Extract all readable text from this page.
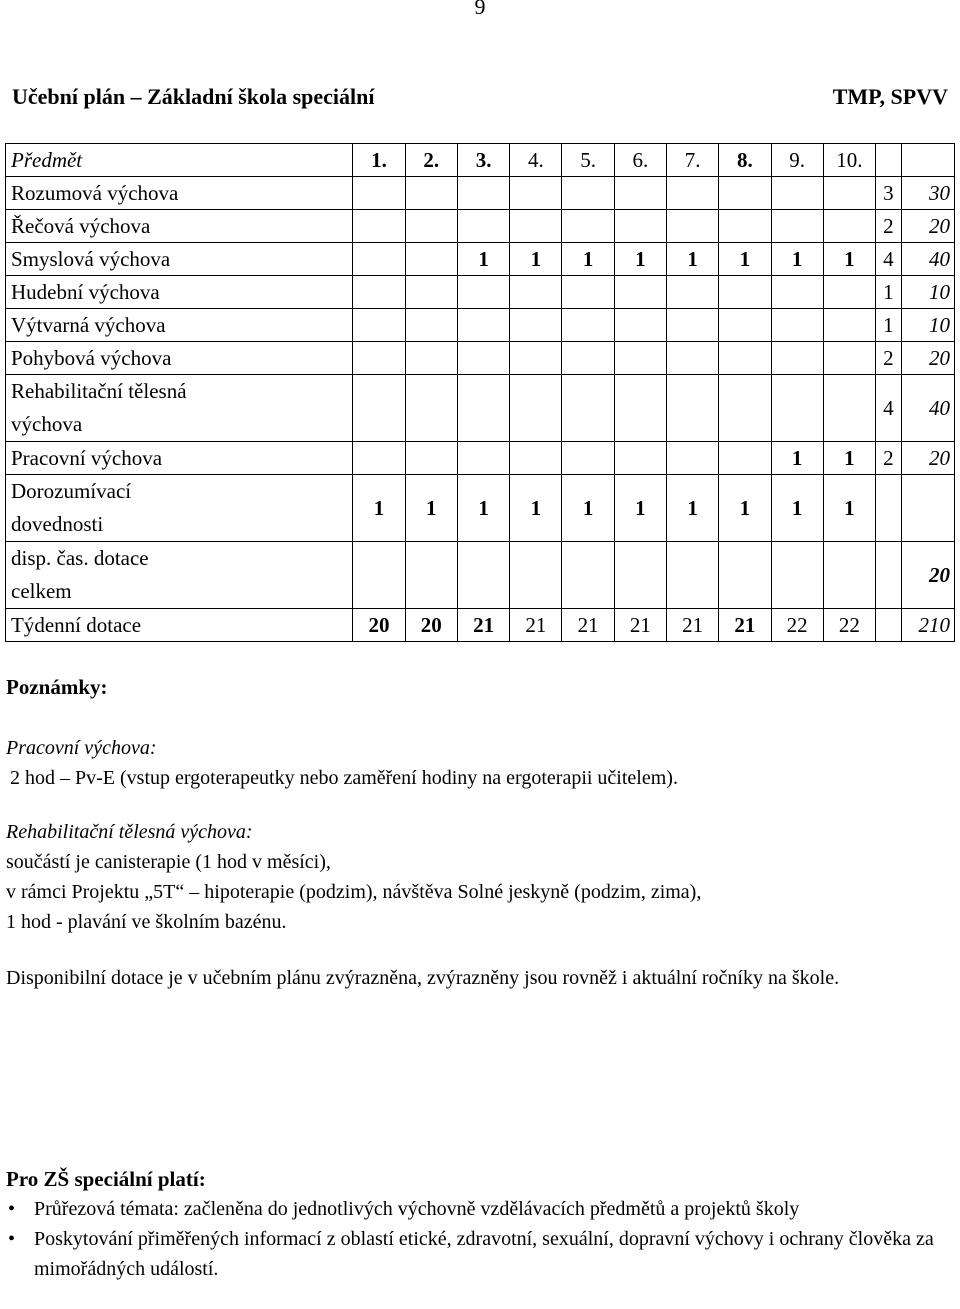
9
Učební plán – Základní škola speciální	TMP, SPVV
Předmět	1.	2.	3.	4.	5.	6.	7.	8.	9.	10.		
Rozumová výchova											3	30
Řečová výchova											2	20
Smyslová výchova			1	1	1	1	1	1	1	1	4	40
Hudební výchova											1	10
Výtvarná výchova											1	10
Pohybová výchova											2	20

Rehabilitační tělesná
výchova											4	40
Pracovní výchova									1	1	2	20

Dorozumívací
dovednosti	1	1	1	1	1	1	1	1	1	1		

disp. čas. dotace
celkem												20
Týdenní dotace	20	20	21	21	21	21	21	21	22	22		210
Poznámky:
Pracovní výchova:
2 hod – Pv-E (vstup ergoterapeutky nebo zaměření hodiny na ergoterapii učitelem).
Rehabilitační tělesná výchova:
součástí je canisterapie (1 hod v měsíci),
v rámci Projektu „5T“ – hipoterapie (podzim), návštěva Solné jeskyně (podzim, zima),
1 hod - plavání ve školním bazénu.
Disponibilní dotace je v učebním plánu zvýrazněna, zvýrazněny jsou rovněž i aktuální ročníky na škole.
Pro ZŠ speciální platí:
• Průřezová témata: začleněna do jednotlivých výchovně vzdělávacích předmětů a projektů školy
• Poskytování přiměřených informací z oblastí etické, zdravotní, sexuální, dopravní výchovy i ochrany člověka za mimořádných událostí.
